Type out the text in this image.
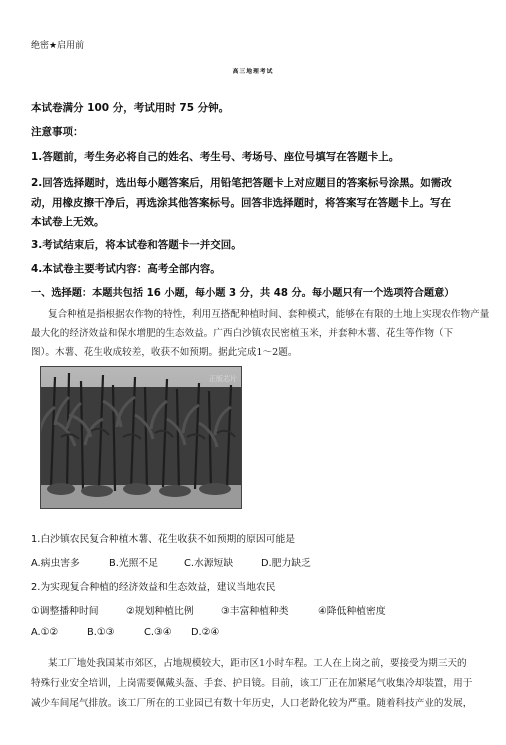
绝密★启用前
高三地理考试
本试卷满分 100 分，考试用时 75 分钟。
注意事项：
1.答题前，考生务必将自己的姓名、考生号、考场号、座位号填写在答题卡上。
2.回答选择题时，选出每小题答案后，用铅笔把答题卡上对应题目的答案标号涂黑。如需改
动，用橡皮擦干净后，再选涂其他答案标号。回答非选择题时，将答案写在答题卡上。写在
本试卷上无效。
3.考试结束后，将本试卷和答题卡一并交回。
4.本试卷主要考试内容：高考全部内容。
一、选择题：本题共包括 16 小题，每小题 3 分，共 48 分。每小题只有一个选项符合题意）
复合种植是指根据农作物的特性，利用互搭配种植时间、套种模式，能够在有限的土地上实现农作物产量
最大化的经济效益和保水增肥的生态效益。广西白沙镇农民密植玉米，并套种木薯、花生等作物（下
图）。木薯、花生收成较差，收获不如预期。据此完成1～2题。
正版芯片
1.白沙镇农民复合种植木薯、花生收获不如预期的原因可能是
A.病虫害多	B.光照不足	C.水源短缺	D.肥力缺乏
2.为实现复合种植的经济效益和生态效益，建议当地农民
①调整播种时间	②规划种植比例	③丰富种植种类	④降低种植密度
A.①②	B.①③	C.③④ D.②④
某工厂地处我国某市郊区，占地规模较大，距市区1小时车程。工人在上岗之前，要接受为期三天的
特殊行业安全培训，上岗需要佩戴头盔、手套、护目镜。目前，该工厂正在加紧尾气收集冷却装置，用于
减少车间尾气排放。该工厂所在的工业园已有数十年历史，人口老龄化较为严重。随着科技产业的发展，
